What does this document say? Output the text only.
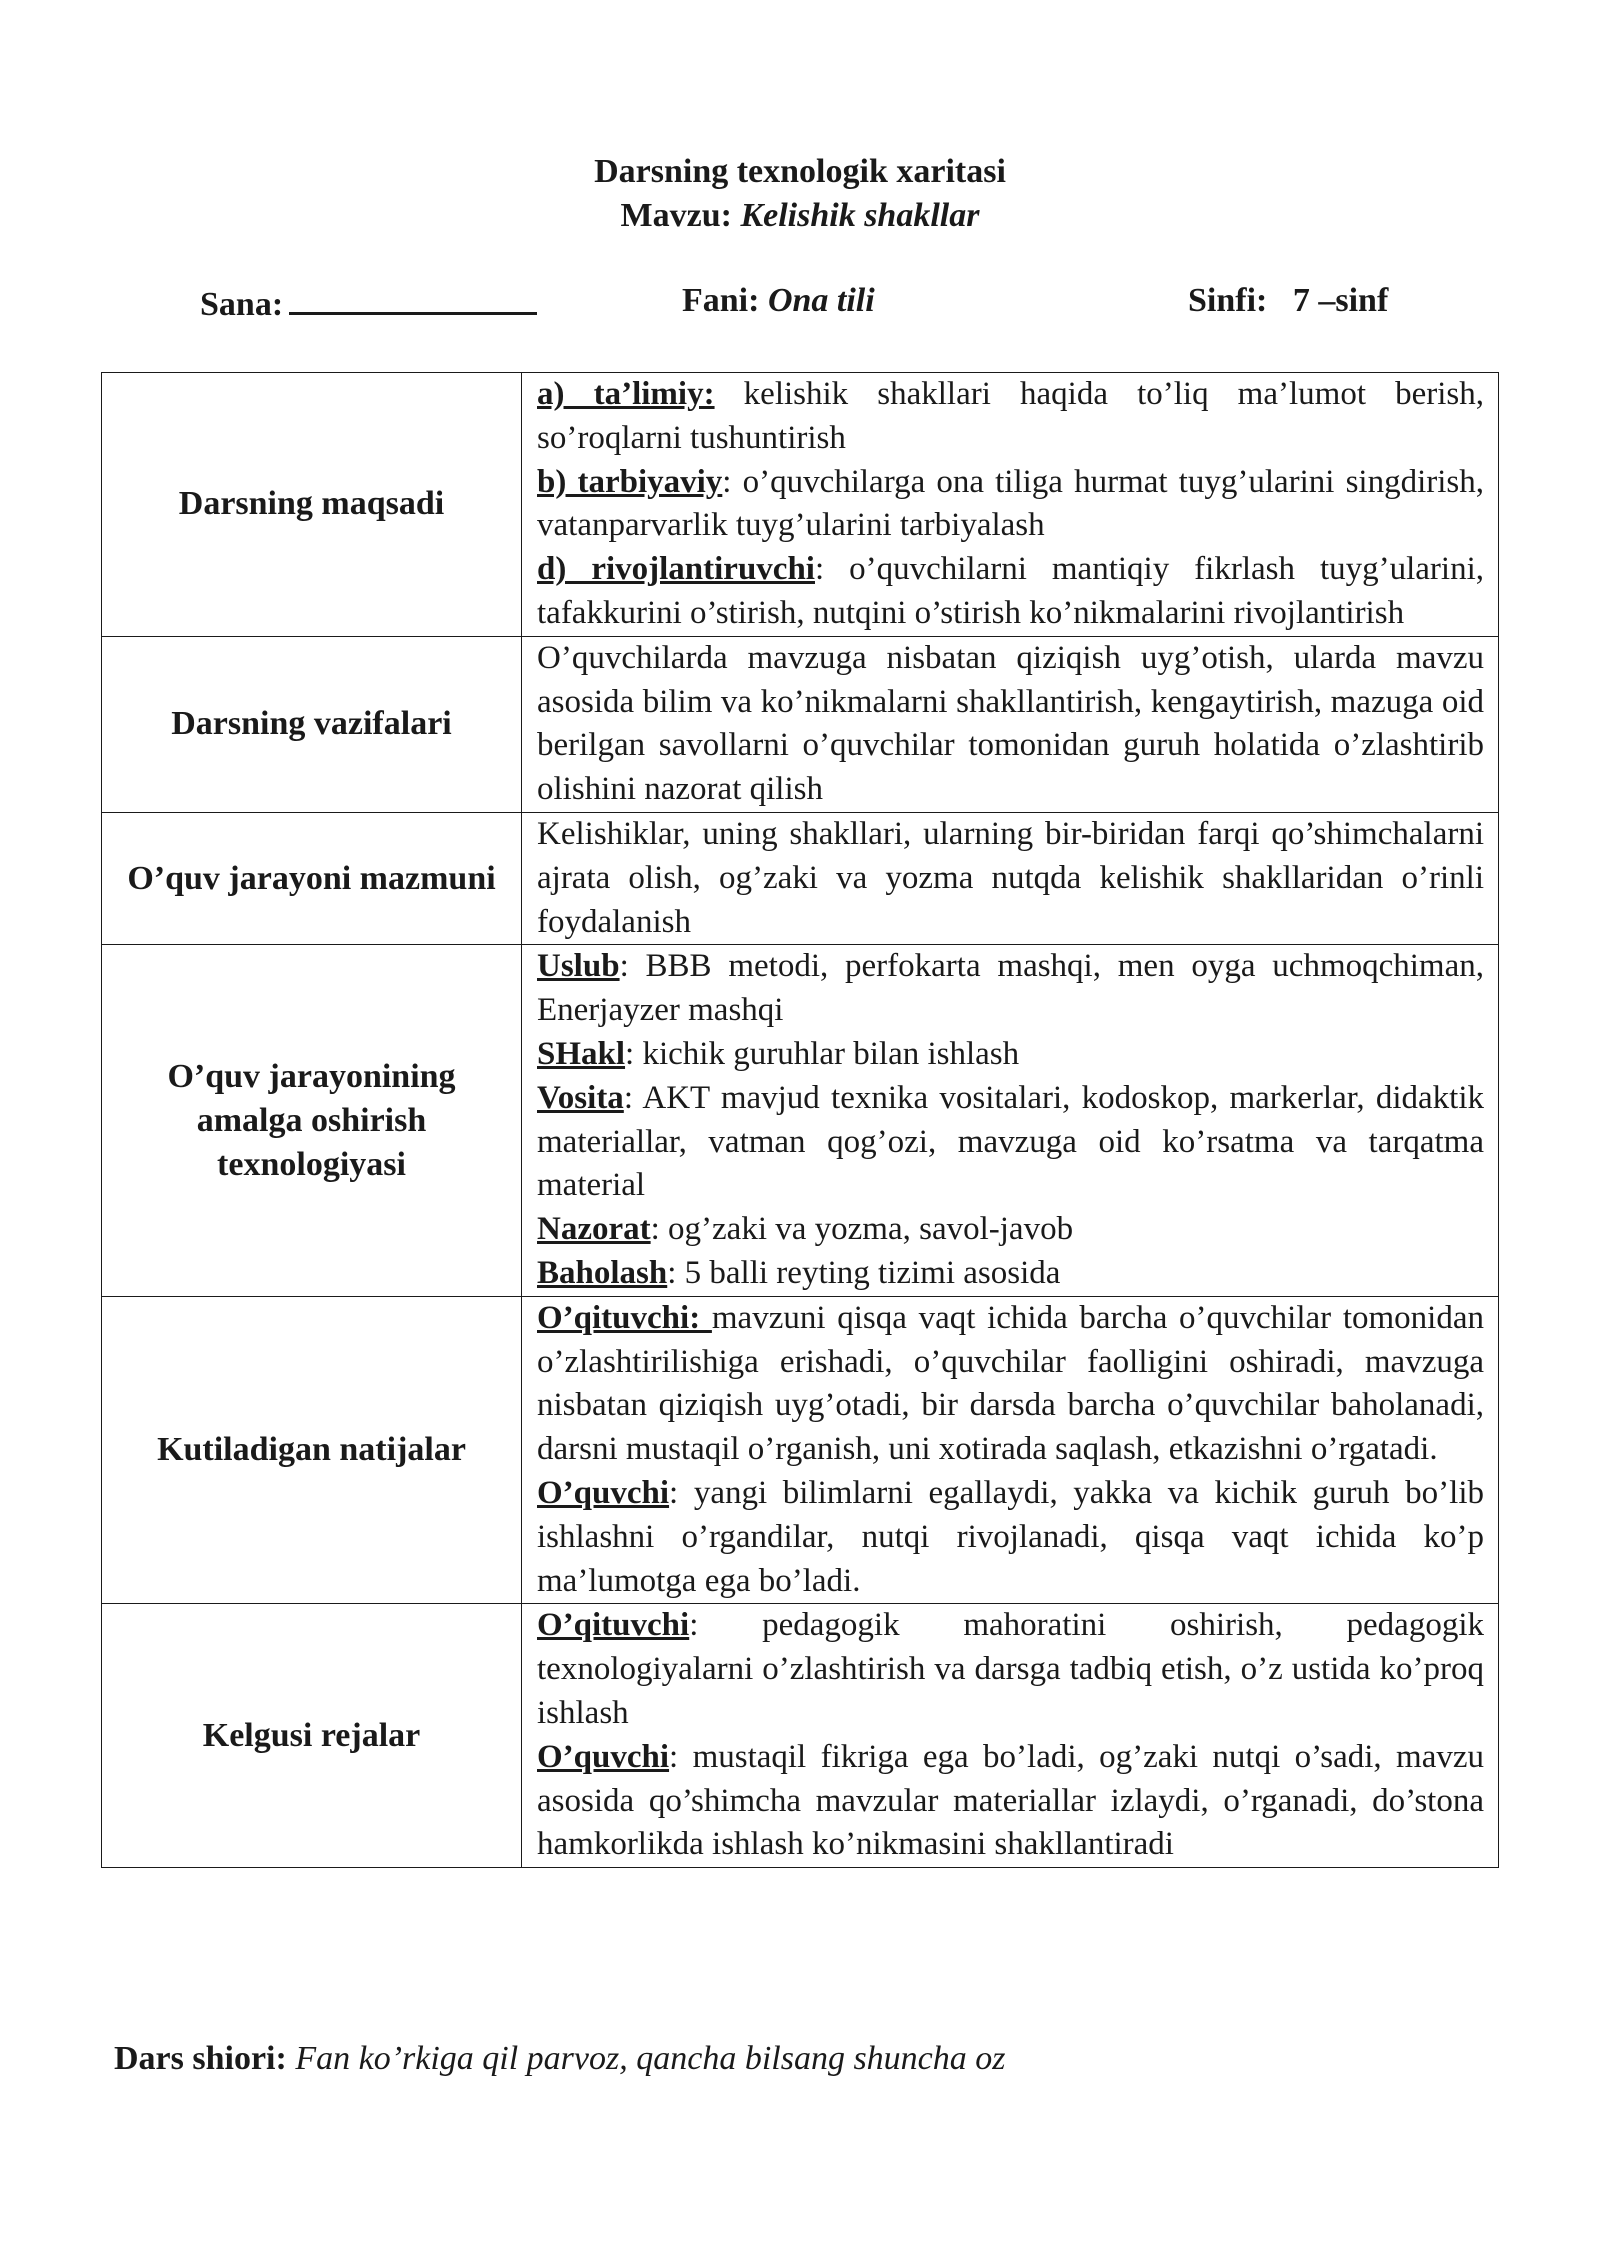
Darsning texnologik xaritasi
Mavzu: Kelishik shakllar
Sana:	Fani: Ona tili	Sinfi: 7 –sinf
Darsning maqsadi	a) ta’limiy: kelishik shakllari haqida to’liq ma’lumot berish, so’roqlarni tushuntirish

b) tarbiyaviy: o’quvchilarga ona tiliga hurmat tuyg’ularini singdirish, vatanparvarlik tuyg’ularini tarbiyalash

d) rivojlantiruvchi: o’quvchilarni mantiqiy fikrlash tuyg’ularini, tafakkurini o’stirish, nutqini o’stirish ko’nikmalarini rivojlantirish

Darsning vazifalari	O’quvchilarda mavzuga nisbatan qiziqish uyg’otish, ularda mavzu asosida bilim va ko’nikmalarni shakllantirish, kengaytirish, mazuga oid berilgan savollarni o’quvchilar tomonidan guruh holatida o’zlashtirib olishini nazorat qilish

O’quv jarayoni mazmuni	Kelishiklar, uning shakllari, ularning bir-biridan farqi qo’shimchalarni ajrata olish, og’zaki va yozma nutqda kelishik shakllaridan o’rinli foydalanish

O’quv jarayonining amalga oshirish texnologiyasi	Uslub: BBB metodi, perfokarta mashqi, men oyga uchmoqchiman, Enerjayzer mashqi

SHakl: kichik guruhlar bilan ishlash

Vosita: AKT mavjud texnika vositalari, kodoskop, markerlar, didaktik materiallar, vatman qog’ozi, mavzuga oid ko’rsatma va tarqatma material

Nazorat: og’zaki va yozma, savol-javob

Baholash: 5 balli reyting tizimi asosida

Kutiladigan natijalar	O’qituvchi: mavzuni qisqa vaqt ichida barcha o’quvchilar tomonidan o’zlashtirilishiga erishadi, o’quvchilar faolligini oshiradi, mavzuga nisbatan qiziqish uyg’otadi, bir darsda barcha o’quvchilar baholanadi, darsni mustaqil o’rganish, uni xotirada saqlash, etkazishni o’rgatadi.

O’quvchi: yangi bilimlarni egallaydi, yakka va kichik guruh bo’lib ishlashni o’rgandilar, nutqi rivojlanadi, qisqa vaqt ichida ko’p ma’lumotga ega bo’ladi.

Kelgusi rejalar	O’qituvchi: pedagogik mahoratini oshirish, pedagogik texnologiyalarni o’zlashtirish va darsga tadbiq etish, o’z ustida ko’proq ishlash

O’quvchi: mustaqil fikriga ega bo’ladi, og’zaki nutqi o’sadi, mavzu asosida qo’shimcha mavzular materiallar izlaydi, o’rganadi, do’stona hamkorlikda ishlash ko’nikmasini shakllantiradi

Dars shiori: Fan ko’rkiga qil parvoz, qancha bilsang shuncha oz
